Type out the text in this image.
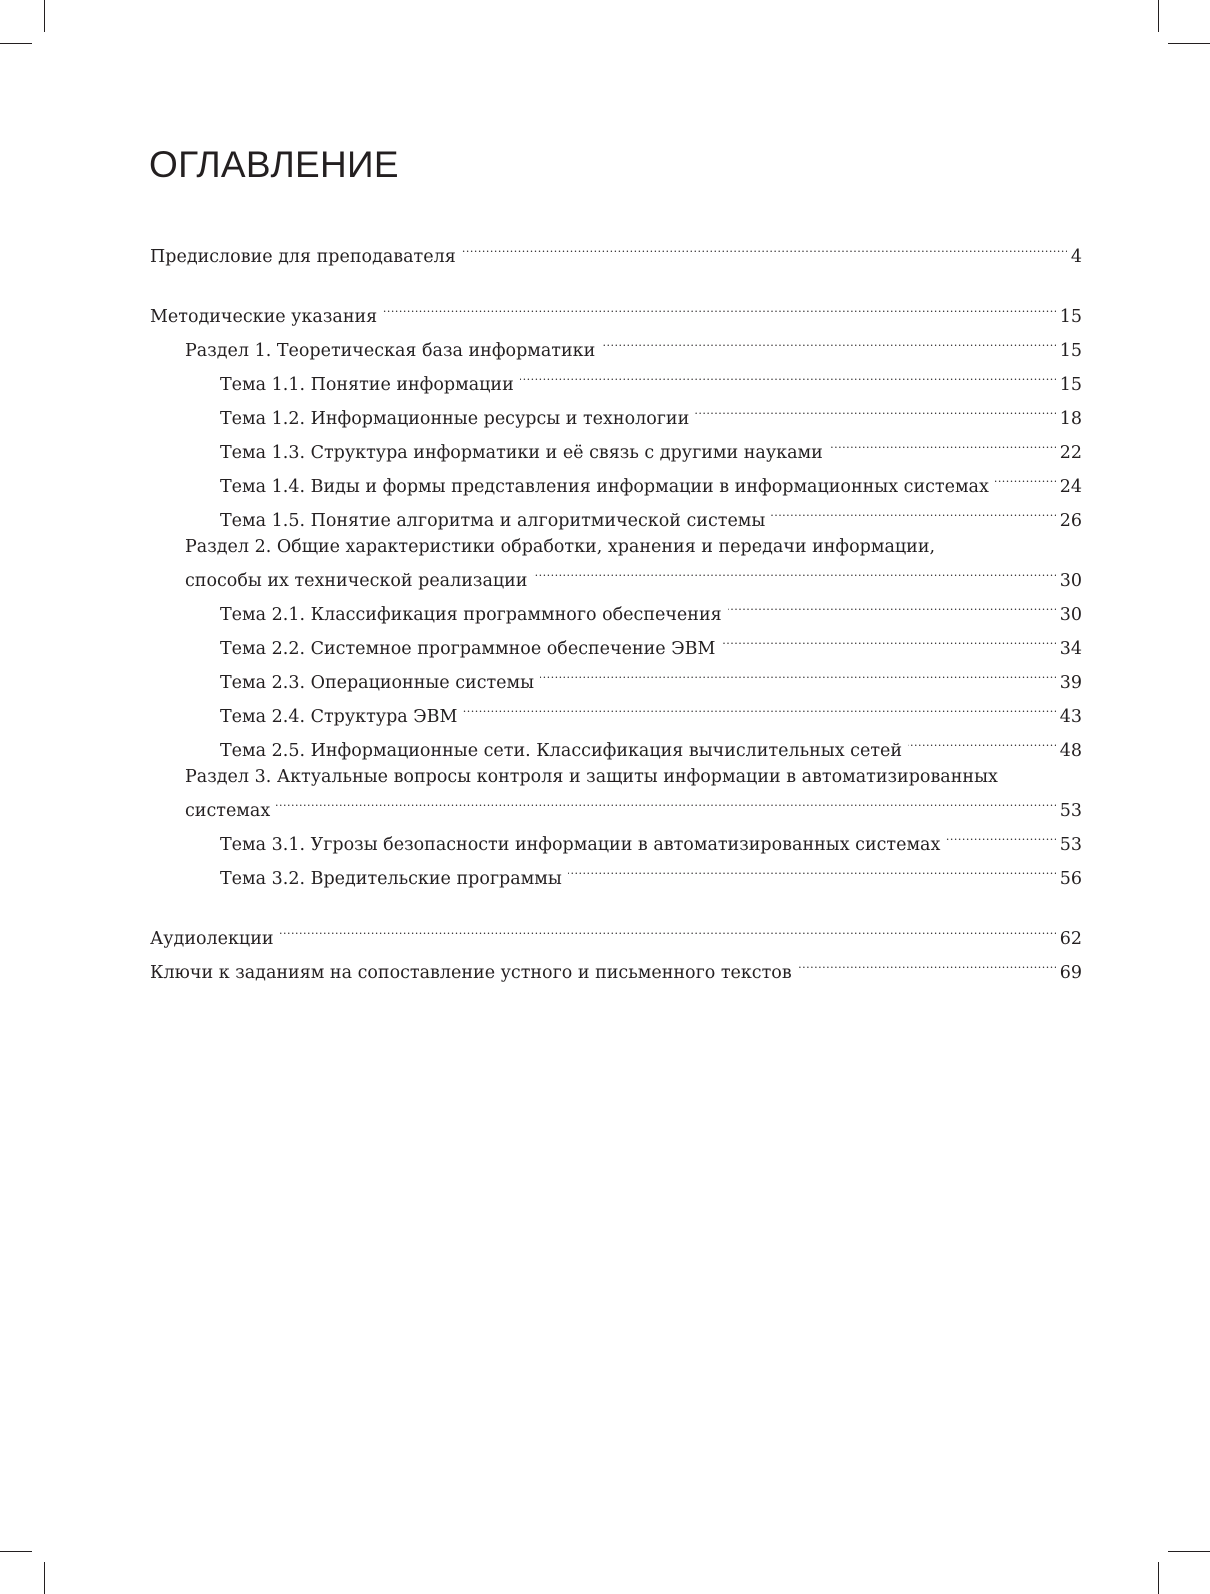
ОГЛАВЛЕНИЕ
Предисловие для преподавателя . . .	4
Методические указания . . .	15
Раздел 1. Теоретическая база информатики . . .	15
Тема 1.1. Понятие информации . . .	15
Тема 1.2. Информационные ресурсы и технологии . . .	18
Тема 1.3. Структура информатики и её связь с другими науками . . .	22
Тема 1.4. Виды и формы представления информации в информационных системах . . .	24
Тема 1.5. Понятие алгоритма и алгоритмической системы . . .	26
Раздел 2. Общие характеристики обработки, хранения и передачи информации,
способы их технической реализации . . .	30
Тема 2.1. Классификация программного обеспечения . . .	30
Тема 2.2. Системное программное обеспечение ЭВМ . . .	34
Тема 2.3. Операционные системы . . .	39
Тема 2.4. Структура ЭВМ . . .	43
Тема 2.5. Информационные сети. Классификация вычислительных сетей . . .	48
Раздел 3. Актуальные вопросы контроля и защиты информации в автоматизированных
системах . . .	53
Тема 3.1. Угрозы безопасности информации в автоматизированных системах . . .	53
Тема 3.2. Вредительские программы . . .	56
Аудиолекции . . .	62
Ключи к заданиям на сопоставление устного и письменного текстов . . .	69
